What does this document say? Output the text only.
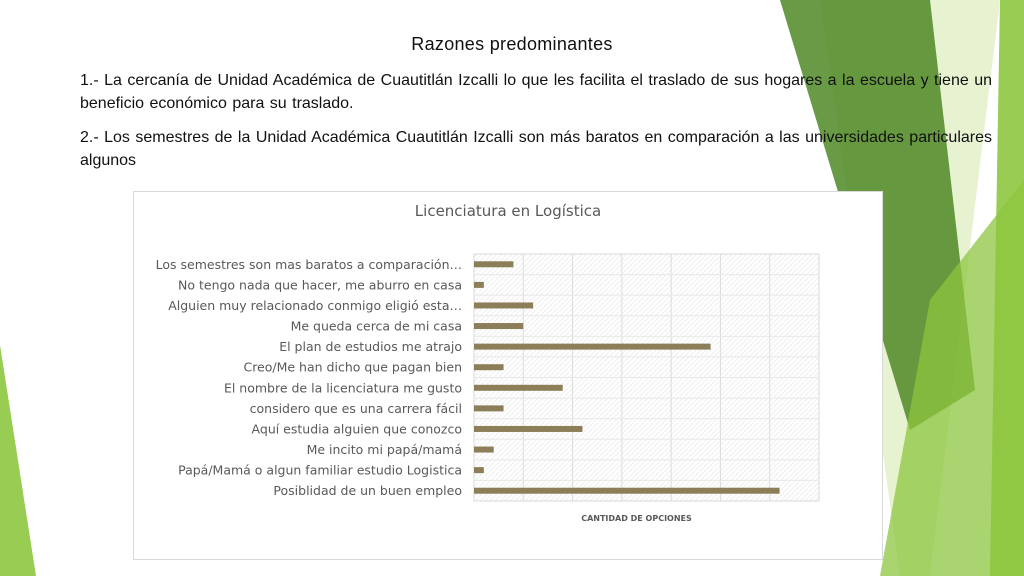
Razones predominantes
1.- La cercanía de Unidad Académica de Cuautitlán Izcalli lo que les facilita el traslado de sus hogares a la escuela y tiene un beneficio económico para su traslado.
2.- Los semestres de la Unidad Académica Cuautitlán Izcalli son más baratos en comparación a las universidades particulares algunos
Licenciatura en Logística
Los semestres son mas baratos a comparación…
No tengo nada que hacer, me aburro en casa
Alguien muy relacionado conmigo eligió esta…
Me queda cerca de mi casa
El plan de estudios me atrajo
Creo/Me han dicho que pagan bien
El nombre de la licenciatura me gusto
considero que es una carrera fácil
Aquí estudia alguien que conozco
Me incito mi papá/mamá
Papá/Mamá o algun familiar estudio Logistica
Posiblidad de un buen empleo
CANTIDAD DE OPCIONES
